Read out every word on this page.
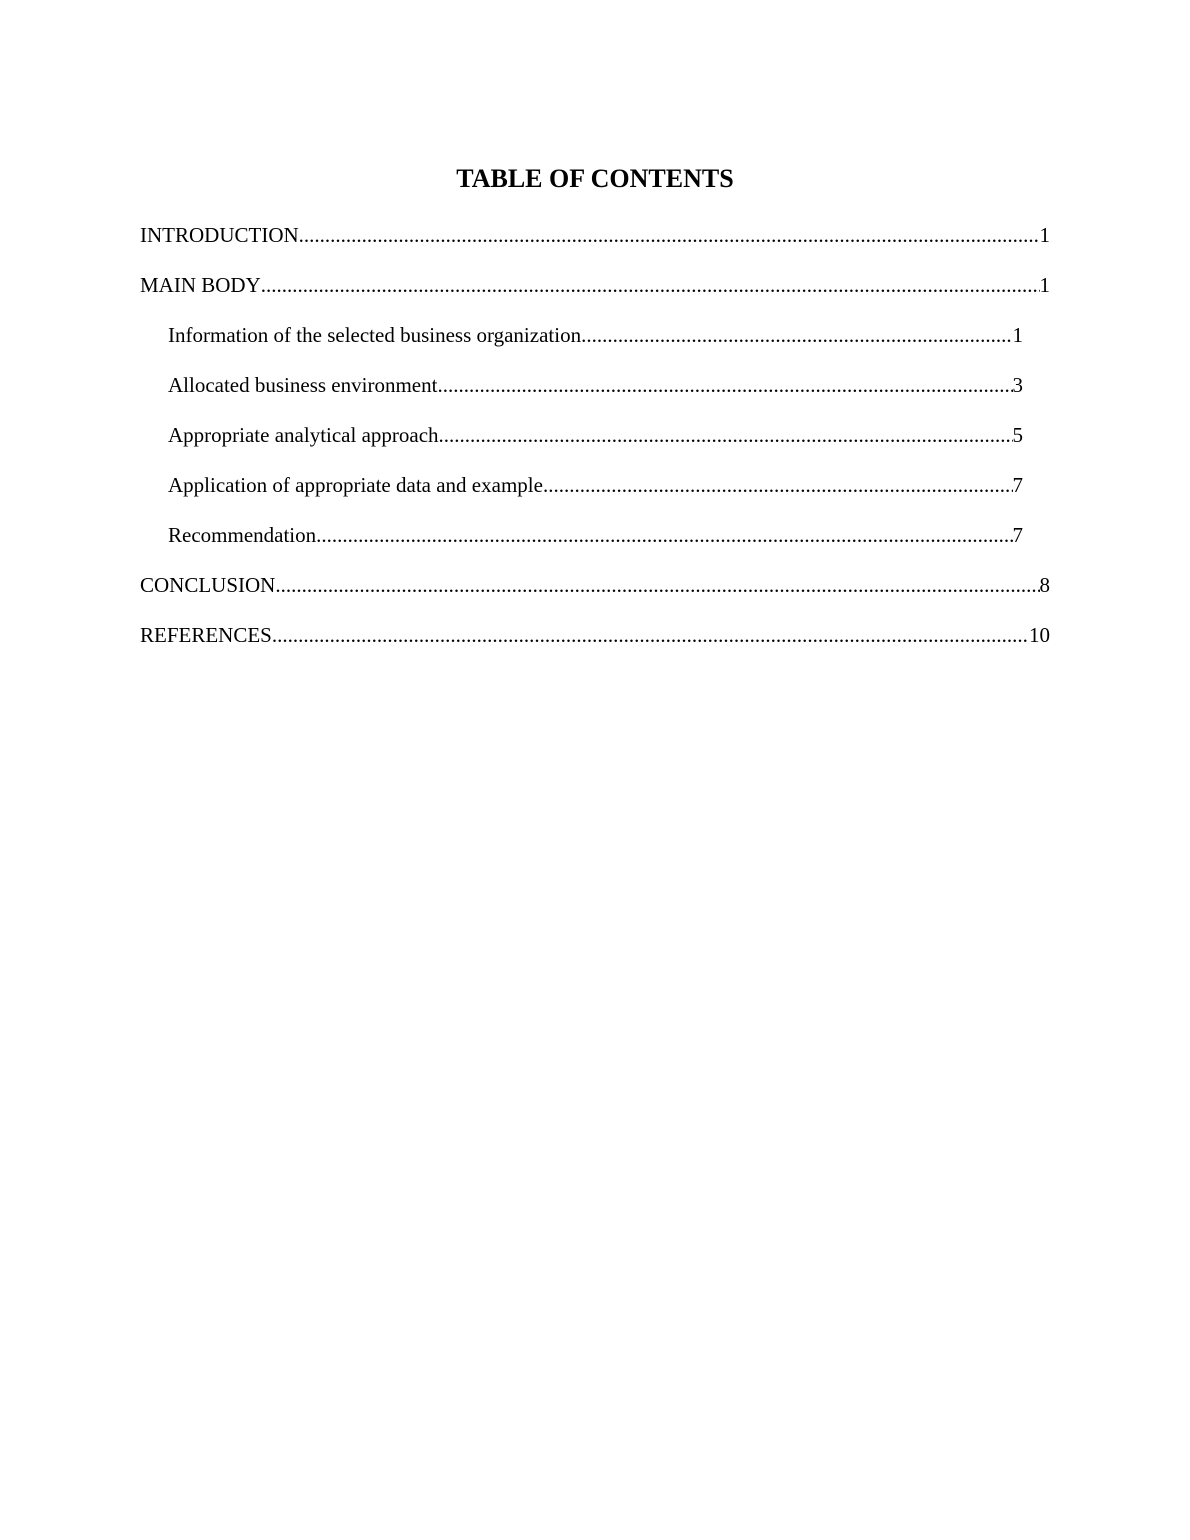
TABLE OF CONTENTS
INTRODUCTION .....	1
MAIN BODY .....	1
Information of the selected business organization .....	1
Allocated business environment .....	3
Appropriate analytical approach .....	5
Application of appropriate data and example .....	7
Recommendation .....	7
CONCLUSION .....	8
REFERENCES .....	10
